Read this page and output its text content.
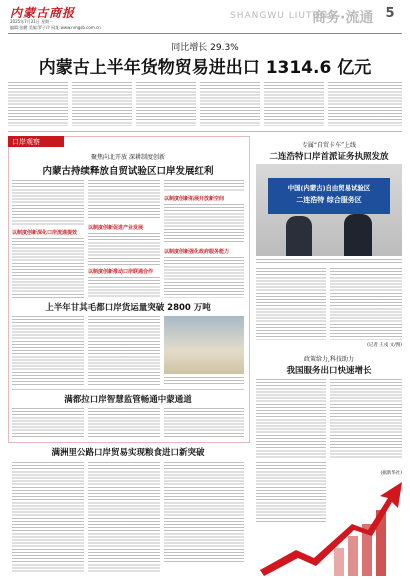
内蒙古商报
2025年7月21日 星期一
编辑:张鹏 美编:罗子玲 网址:www.nmgsb.com.cn
SHANGWU LIUTONG
商务·流通 5
同比增长 29.3%
内蒙古上半年货物贸易进出口 1314.6 亿元
口岸观察
聚焦向北开放 深耕制度创新
内蒙古持续释放自贸试验区口岸发展红利
以制度创新深化口岸流通提效
以制度创新促进产业发展
以制度创新推动口岸联通合作
以制度创新拓展开放新空间
以制度创新强化政府服务能力
上半年甘其毛都口岸货运量突破 2800 万吨
满都拉口岸智慧监管畅通中蒙通道
满洲里公路口岸贸易实现粮食进口新突破
专属“自贸卡车”上线
二连浩特口岸首派证务执照发放
中国(内蒙古)自由贸易试验区
二连浩特 综合服务区
(记者 王戎 文/图)
政策给力,科技助力
我国服务出口快速增长
(据新华社)
